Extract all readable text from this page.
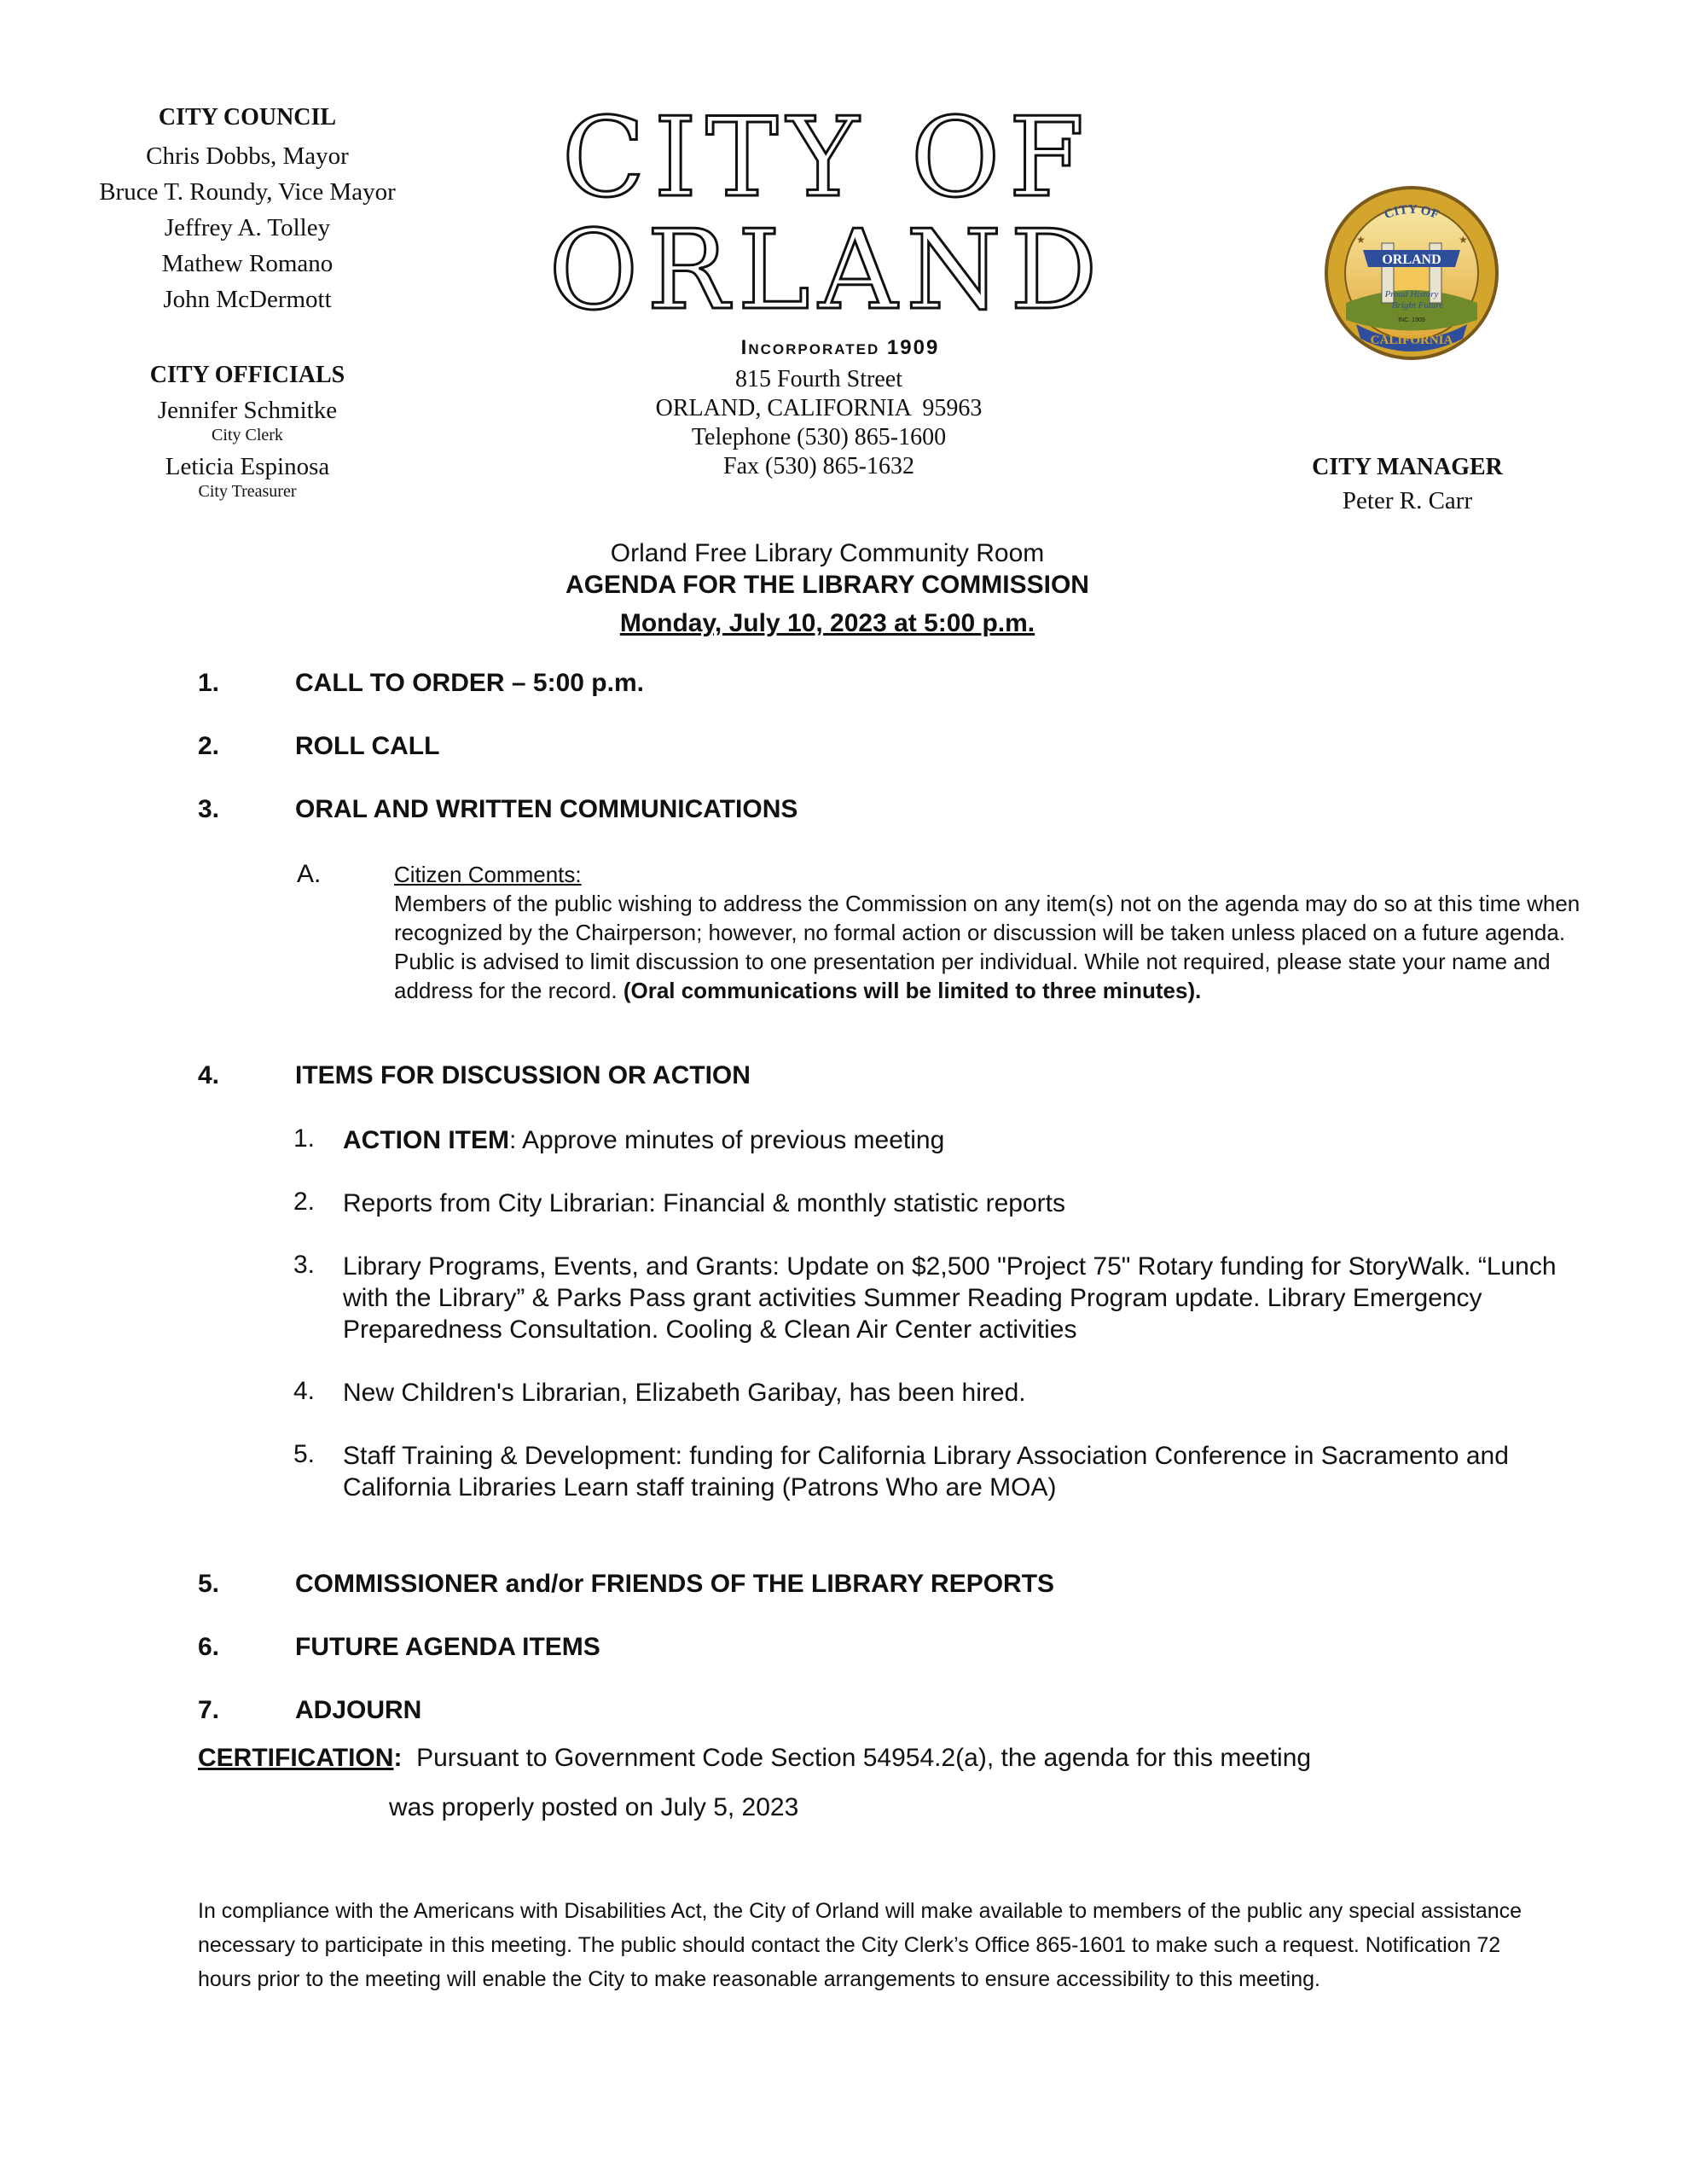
CITY COUNCIL
Chris Dobbs, Mayor
Bruce T. Roundy, Vice Mayor
Jeffrey A. Tolley
Mathew Romano
John McDermott
CITY OFFICIALS
Jennifer Schmitke
City Clerk
Leticia Espinosa
City Treasurer
CITY OF
ORLAND
Incorporated 1909
815 Fourth Street
ORLAND, CALIFORNIA  95963
Telephone (530) 865-1600
Fax (530) 865-1632
ORLAND
CITY OF
Proud History
Bright Future
INC. 1909
CALIFORNIA
★	★
CITY MANAGER
Peter R. Carr
Orland Free Library Community Room
AGENDA FOR THE LIBRARY COMMISSION
Monday, July 10, 2023 at 5:00 p.m.
1.	CALL TO ORDER – 5:00 p.m.
2.	ROLL CALL
3.	ORAL AND WRITTEN COMMUNICATIONS
A.	Citizen Comments:
Members of the public wishing to address the Commission on any item(s) not on the agenda may do so at this time when recognized by the Chairperson; however, no formal action or discussion will be taken unless placed on a future agenda. Public is advised to limit discussion to one presentation per individual. While not required, please state your name and address for the record. (Oral communications will be limited to three minutes).
4.	ITEMS FOR DISCUSSION OR ACTION
1. ACTION ITEM: Approve minutes of previous meeting
2. Reports from City Librarian: Financial & monthly statistic reports
3. Library Programs, Events, and Grants: Update on $2,500 "Project 75" Rotary funding for StoryWalk. “Lunch with the Library” & Parks Pass grant activities Summer Reading Program update. Library Emergency Preparedness Consultation. Cooling & Clean Air Center activities
4. New Children's Librarian, Elizabeth Garibay, has been hired.
5. Staff Training & Development: funding for California Library Association Conference in Sacramento and California Libraries Learn staff training (Patrons Who are MOA)
5.	COMMISSIONER and/or FRIENDS OF THE LIBRARY REPORTS
6.	FUTURE AGENDA ITEMS
7.	ADJOURN
CERTIFICATION:  Pursuant to Government Code Section 54954.2(a), the agenda for this meeting
was properly posted on July 5, 2023
In compliance with the Americans with Disabilities Act, the City of Orland will make available to members of the public any special assistance necessary to participate in this meeting. The public should contact the City Clerk’s Office 865-1601 to make such a request. Notification 72 hours prior to the meeting will enable the City to make reasonable arrangements to ensure accessibility to this meeting.
